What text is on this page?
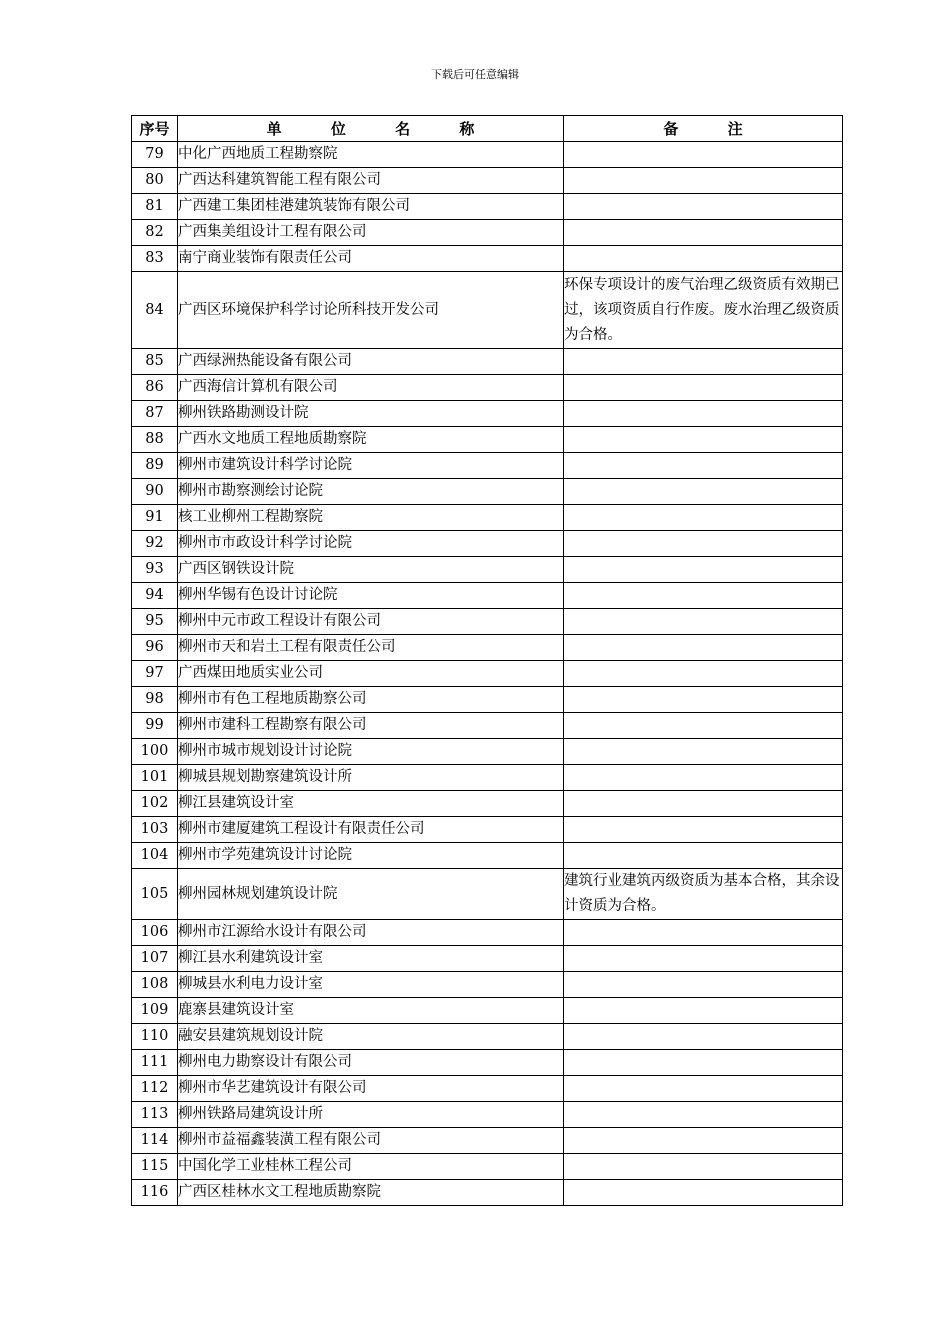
下载后可任意编辑
序号	单 位 名 称	备 注
79	中化广西地质工程勘察院	
80	广西达科建筑智能工程有限公司	
81	广西建工集团桂港建筑装饰有限公司	
82	广西集美组设计工程有限公司	
83	南宁商业装饰有限责任公司	
84	广西区环境保护科学讨论所科技开发公司	环保专项设计的废气治理乙级资质有效期已过，该项资质自行作废。废水治理乙级资质为合格。
85	广西绿洲热能设备有限公司	
86	广西海信计算机有限公司	
87	柳州铁路勘测设计院	
88	广西水文地质工程地质勘察院	
89	柳州市建筑设计科学讨论院	
90	柳州市勘察测绘讨论院	
91	核工业柳州工程勘察院	
92	柳州市市政设计科学讨论院	
93	广西区钢铁设计院	
94	柳州华锡有色设计讨论院	
95	柳州中元市政工程设计有限公司	
96	柳州市天和岩土工程有限责任公司	
97	广西煤田地质实业公司	
98	柳州市有色工程地质勘察公司	
99	柳州市建科工程勘察有限公司	
100	柳州市城市规划设计讨论院	
101	柳城县规划勘察建筑设计所	
102	柳江县建筑设计室	
103	柳州市建厦建筑工程设计有限责任公司	
104	柳州市学苑建筑设计讨论院	
105	柳州园林规划建筑设计院	建筑行业建筑丙级资质为基本合格，其余设计资质为合格。
106	柳州市江源给水设计有限公司	
107	柳江县水利建筑设计室	
108	柳城县水利电力设计室	
109	鹿寨县建筑设计室	
110	融安县建筑规划设计院	
111	柳州电力勘察设计有限公司	
112	柳州市华艺建筑设计有限公司	
113	柳州铁路局建筑设计所	
114	柳州市益福鑫装潢工程有限公司	
115	中国化学工业桂林工程公司	
116	广西区桂林水文工程地质勘察院	
